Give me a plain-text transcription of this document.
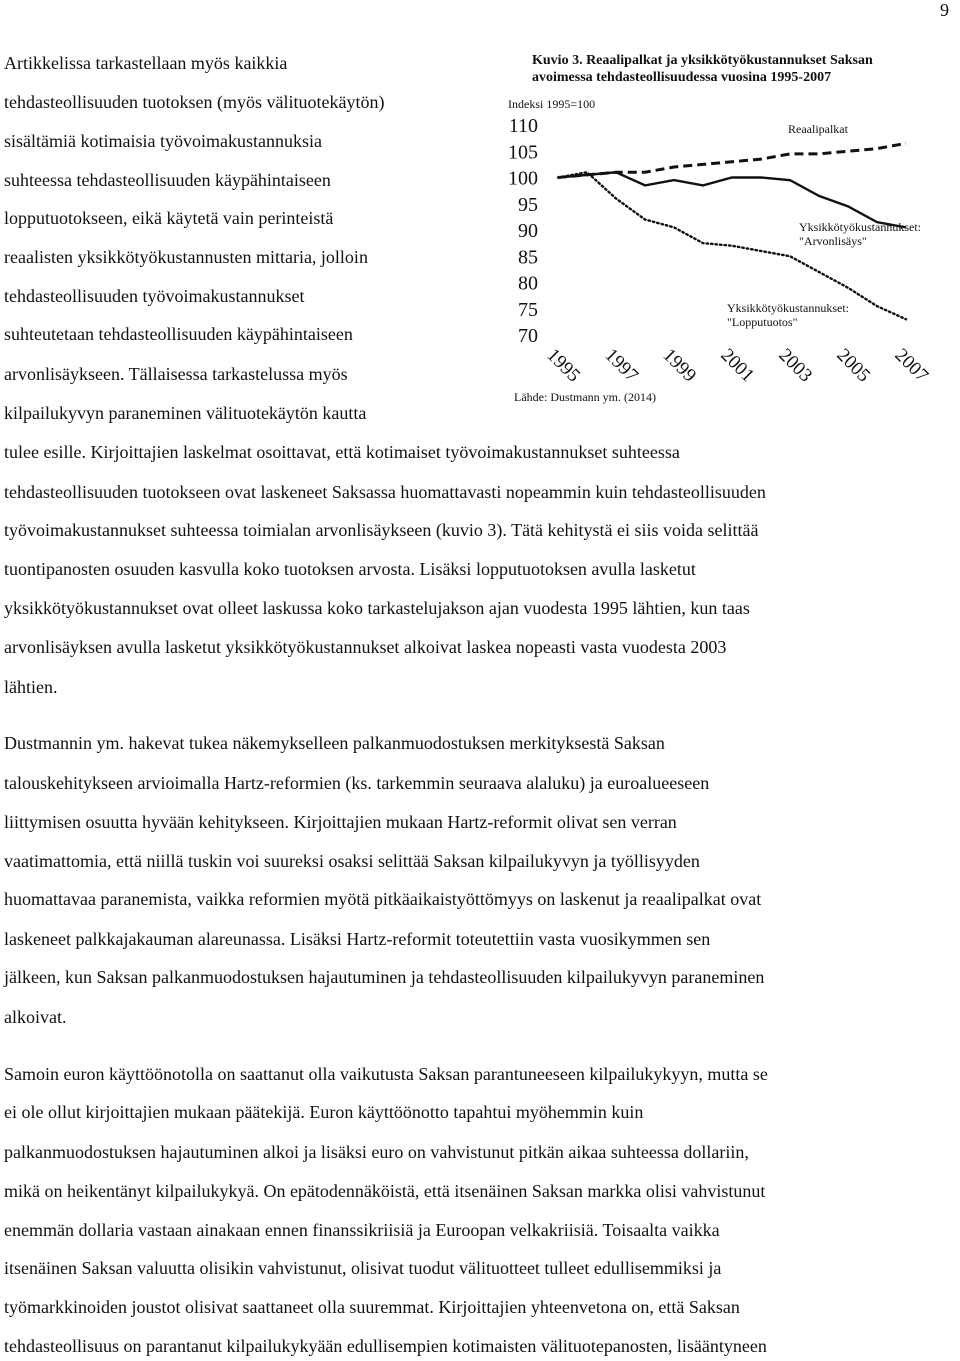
9
Artikkelissa tarkastellaan myös kaikkia
tehdasteollisuuden tuotoksen (myös välituotekäytön)
sisältämiä kotimaisia työvoimakustannuksia
suhteessa tehdasteollisuuden käypähintaiseen
lopputuotokseen, eikä käytetä vain perinteistä
reaalisten yksikkötyökustannusten mittaria, jolloin
tehdasteollisuuden työvoimakustannukset
suhteutetaan tehdasteollisuuden käypähintaiseen
arvonlisäykseen. Tällaisessa tarkastelussa myös
kilpailukyvyn paraneminen välituotekäytön kautta
tulee esille. Kirjoittajien laskelmat osoittavat, että kotimaiset työvoimakustannukset suhteessa
tehdasteollisuuden tuotokseen ovat laskeneet Saksassa huomattavasti nopeammin kuin tehdasteollisuuden
työvoimakustannukset suhteessa toimialan arvonlisäykseen (kuvio 3). Tätä kehitystä ei siis voida selittää
tuontipanosten osuuden kasvulla koko tuotoksen arvosta. Lisäksi lopputuotoksen avulla lasketut
yksikkötyökustannukset ovat olleet laskussa koko tarkastelujakson ajan vuodesta 1995 lähtien, kun taas
arvonlisäyksen avulla lasketut yksikkötyökustannukset alkoivat laskea nopeasti vasta vuodesta 2003
lähtien.
Dustmannin ym. hakevat tukea näkemykselleen palkanmuodostuksen merkityksestä Saksan
talouskehitykseen arvioimalla Hartz-reformien (ks. tarkemmin seuraava alaluku) ja euroalueeseen
liittymisen osuutta hyvään kehitykseen. Kirjoittajien mukaan Hartz-reformit olivat sen verran
vaatimattomia, että niillä tuskin voi suureksi osaksi selittää Saksan kilpailukyvyn ja työllisyyden
huomattavaa paranemista, vaikka reformien myötä pitkäaikaistyöttömyys on laskenut ja reaalipalkat ovat
laskeneet palkkajakauman alareunassa. Lisäksi Hartz-reformit toteutettiin vasta vuosikymmen sen
jälkeen, kun Saksan palkanmuodostuksen hajautuminen ja tehdasteollisuuden kilpailukyvyn paraneminen
alkoivat.
Samoin euron käyttöönotolla on saattanut olla vaikutusta Saksan parantuneeseen kilpailukykyyn, mutta se
ei ole ollut kirjoittajien mukaan päätekijä. Euron käyttöönotto tapahtui myöhemmin kuin
palkanmuodostuksen hajautuminen alkoi ja lisäksi euro on vahvistunut pitkän aikaa suhteessa dollariin,
mikä on heikentänyt kilpailukykyä. On epätodennäköistä, että itsenäinen Saksan markka olisi vahvistunut
enemmän dollaria vastaan ainakaan ennen finanssikriisiä ja Euroopan velkakriisiä. Toisaalta vaikka
itsenäinen Saksan valuutta olisikin vahvistunut, olisivat tuodut välituotteet tulleet edullisemmiksi ja
työmarkkinoiden joustot olisivat saattaneet olla suuremmat. Kirjoittajien yhteenvetona on, että Saksan
tehdasteollisuus on parantanut kilpailukykyään edullisempien kotimaisten välituotepanosten, lisääntyneen
Kuvio 3. Reaalipalkat ja yksikkötyökustannukset Saksan
avoimessa tehdasteollisuudessa vuosina 1995-2007
Indeksi 1995=100
110
105
100
95
90
85
80
75
70
1995 1997 1999 2001 2003 2005 2007
Reaalipalkat
Yksikkötyökustannukset:
"Arvonlisäys"
Yksikkötyökustannukset:
"Lopputuotos"
Lähde: Dustmann ym. (2014)
